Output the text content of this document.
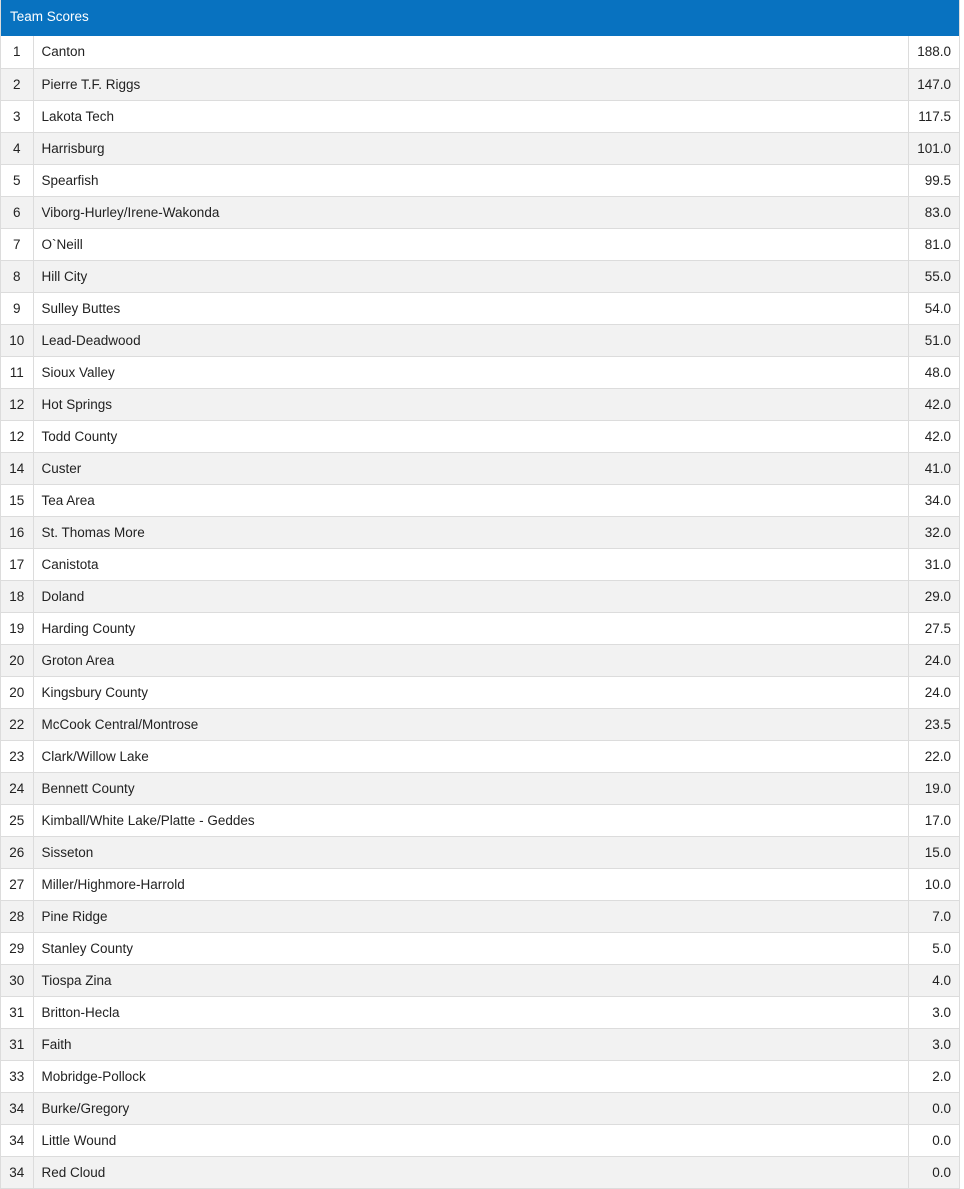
Team Scores
1	Canton	188.0
2	Pierre T.F. Riggs	147.0
3	Lakota Tech	117.5
4	Harrisburg	101.0
5	Spearfish	99.5
6	Viborg-Hurley/Irene-Wakonda	83.0
7	O`Neill	81.0
8	Hill City	55.0
9	Sulley Buttes	54.0
10	Lead-Deadwood	51.0
11	Sioux Valley	48.0
12	Hot Springs	42.0
12	Todd County	42.0
14	Custer	41.0
15	Tea Area	34.0
16	St. Thomas More	32.0
17	Canistota	31.0
18	Doland	29.0
19	Harding County	27.5
20	Groton Area	24.0
20	Kingsbury County	24.0
22	McCook Central/Montrose	23.5
23	Clark/Willow Lake	22.0
24	Bennett County	19.0
25	Kimball/White Lake/Platte - Geddes	17.0
26	Sisseton	15.0
27	Miller/Highmore-Harrold	10.0
28	Pine Ridge	7.0
29	Stanley County	5.0
30	Tiospa Zina	4.0
31	Britton-Hecla	3.0
31	Faith	3.0
33	Mobridge-Pollock	2.0
34	Burke/Gregory	0.0
34	Little Wound	0.0
34	Red Cloud	0.0
